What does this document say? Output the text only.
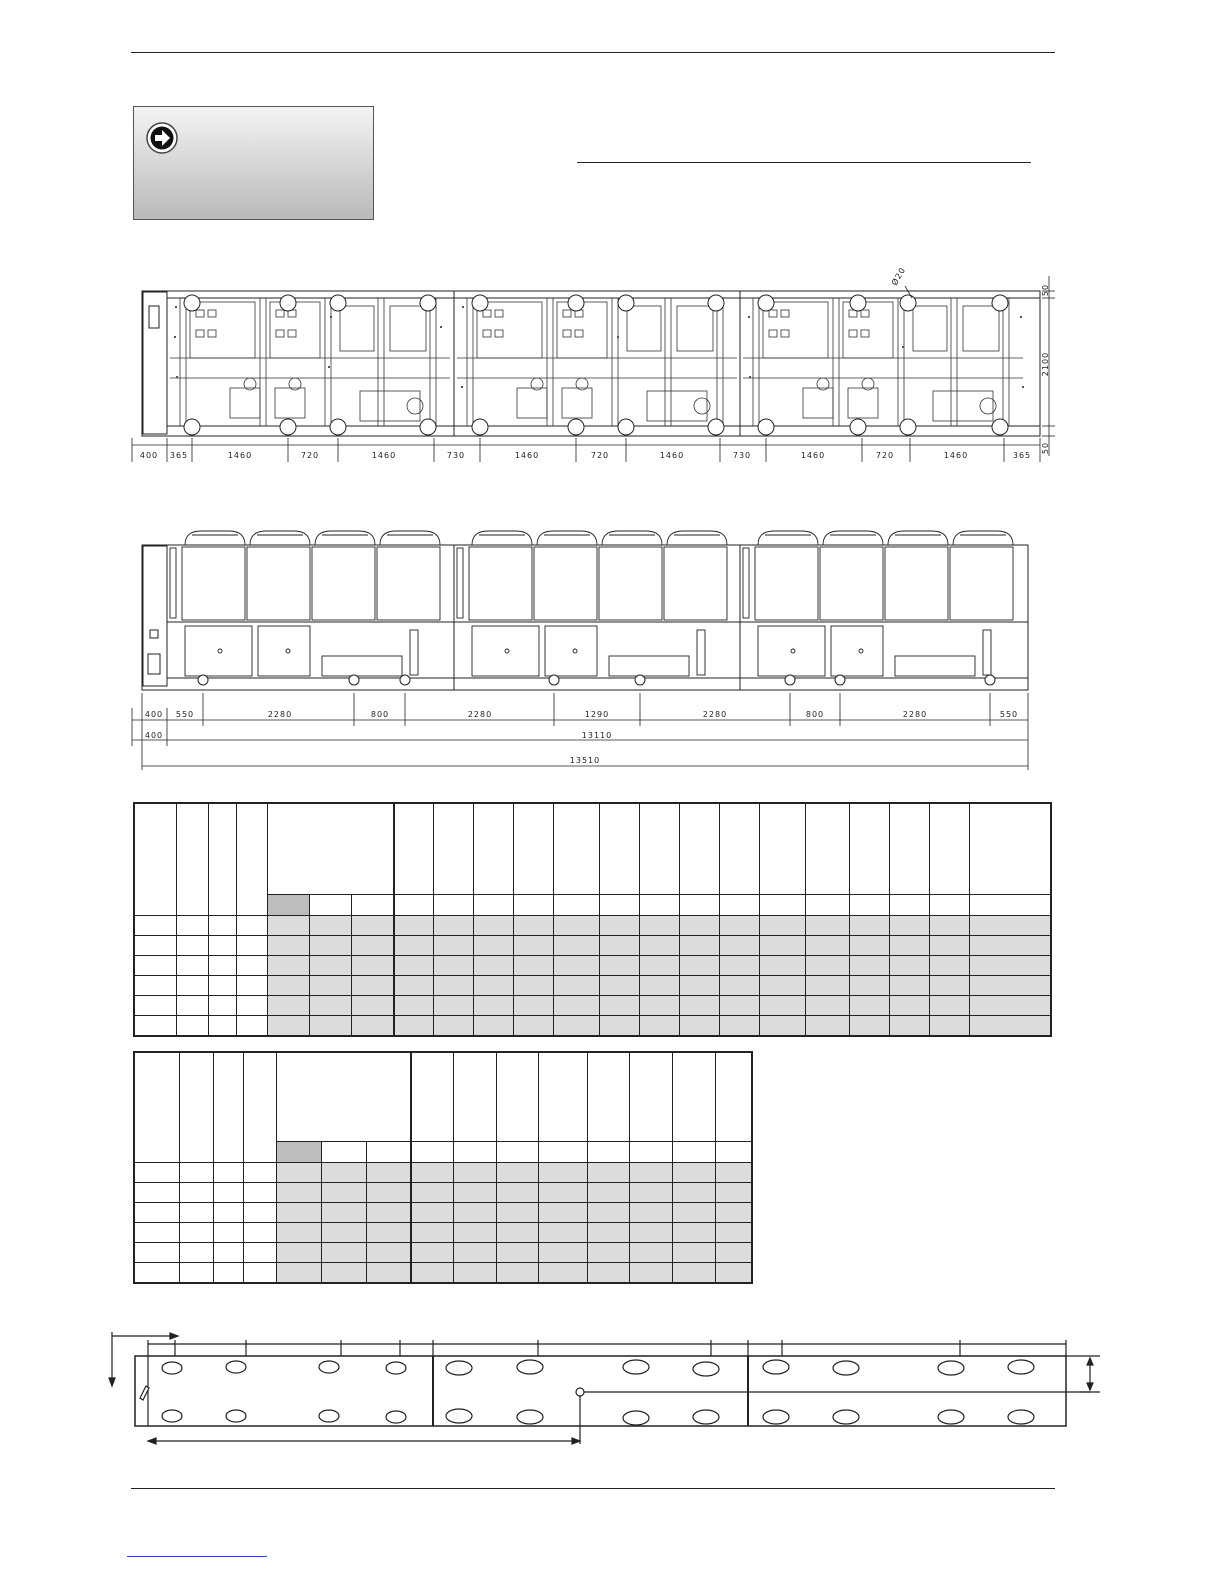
Ø20
400 365	1460	720	1460	730	1460	720	1460	730	1460	720	1460	365
50
2100
50
400 550	2280	800	2280	1290	2280	800	2280	550
400	13110
13510
